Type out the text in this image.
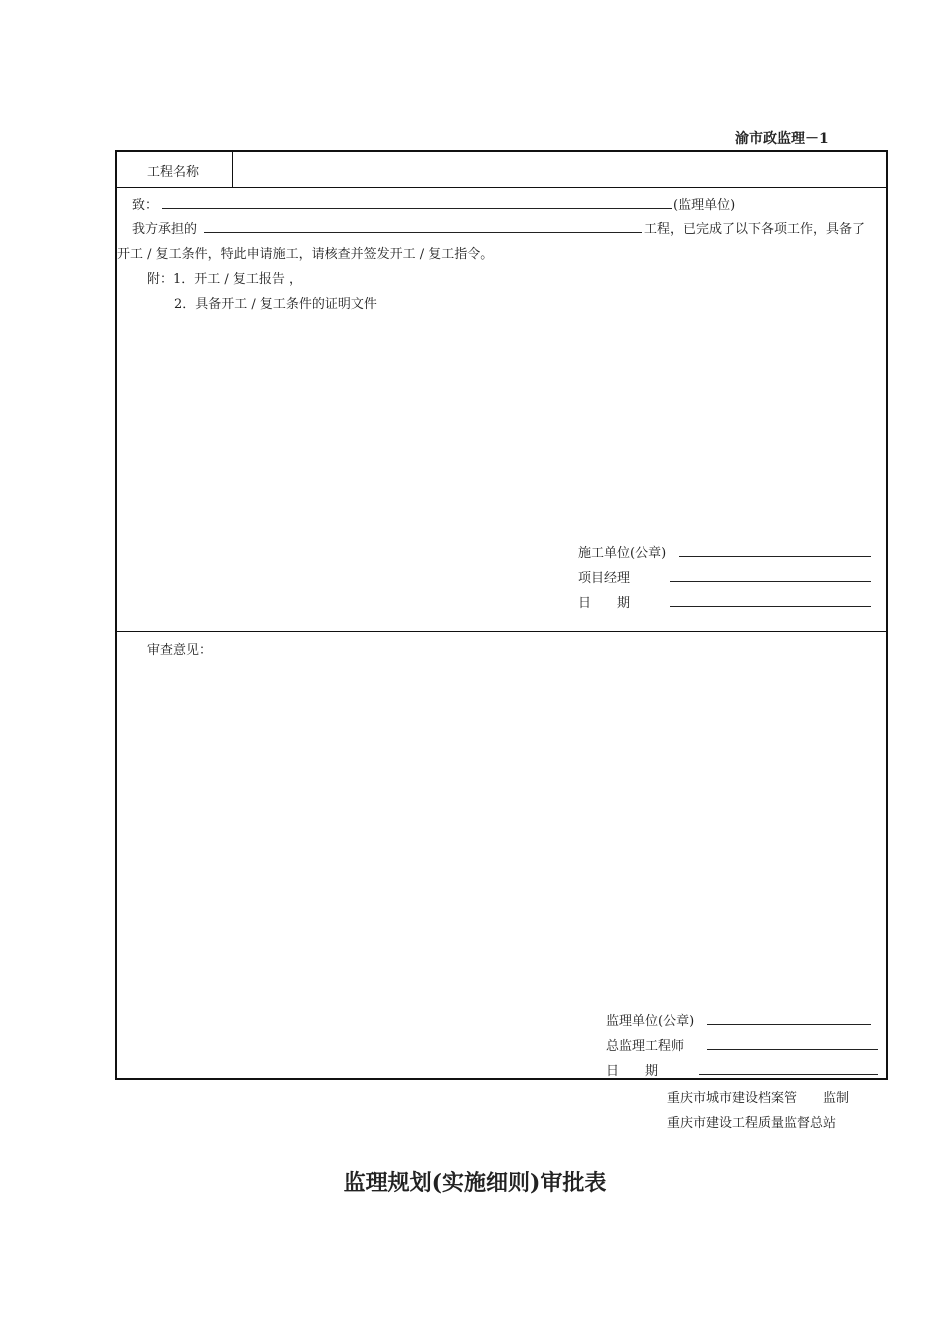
渝市政监理－1
工程名称
致：	(监理单位)
我方承担的	工程，已完成了以下各项工作，具备了
开工 / 复工条件，特此申请施工，请核查并签发开工 / 复工指令。
附：1．开工 / 复工报告 ，
2．具备开工 / 复工条件的证明文件
施工单位(公章)
项目经理
日　　期
审查意见：
监理单位(公章)
总监理工程师
日　　期
重庆市城市建设档案管　　监制
重庆市建设工程质量监督总站
监理规划(实施细则)审批表
